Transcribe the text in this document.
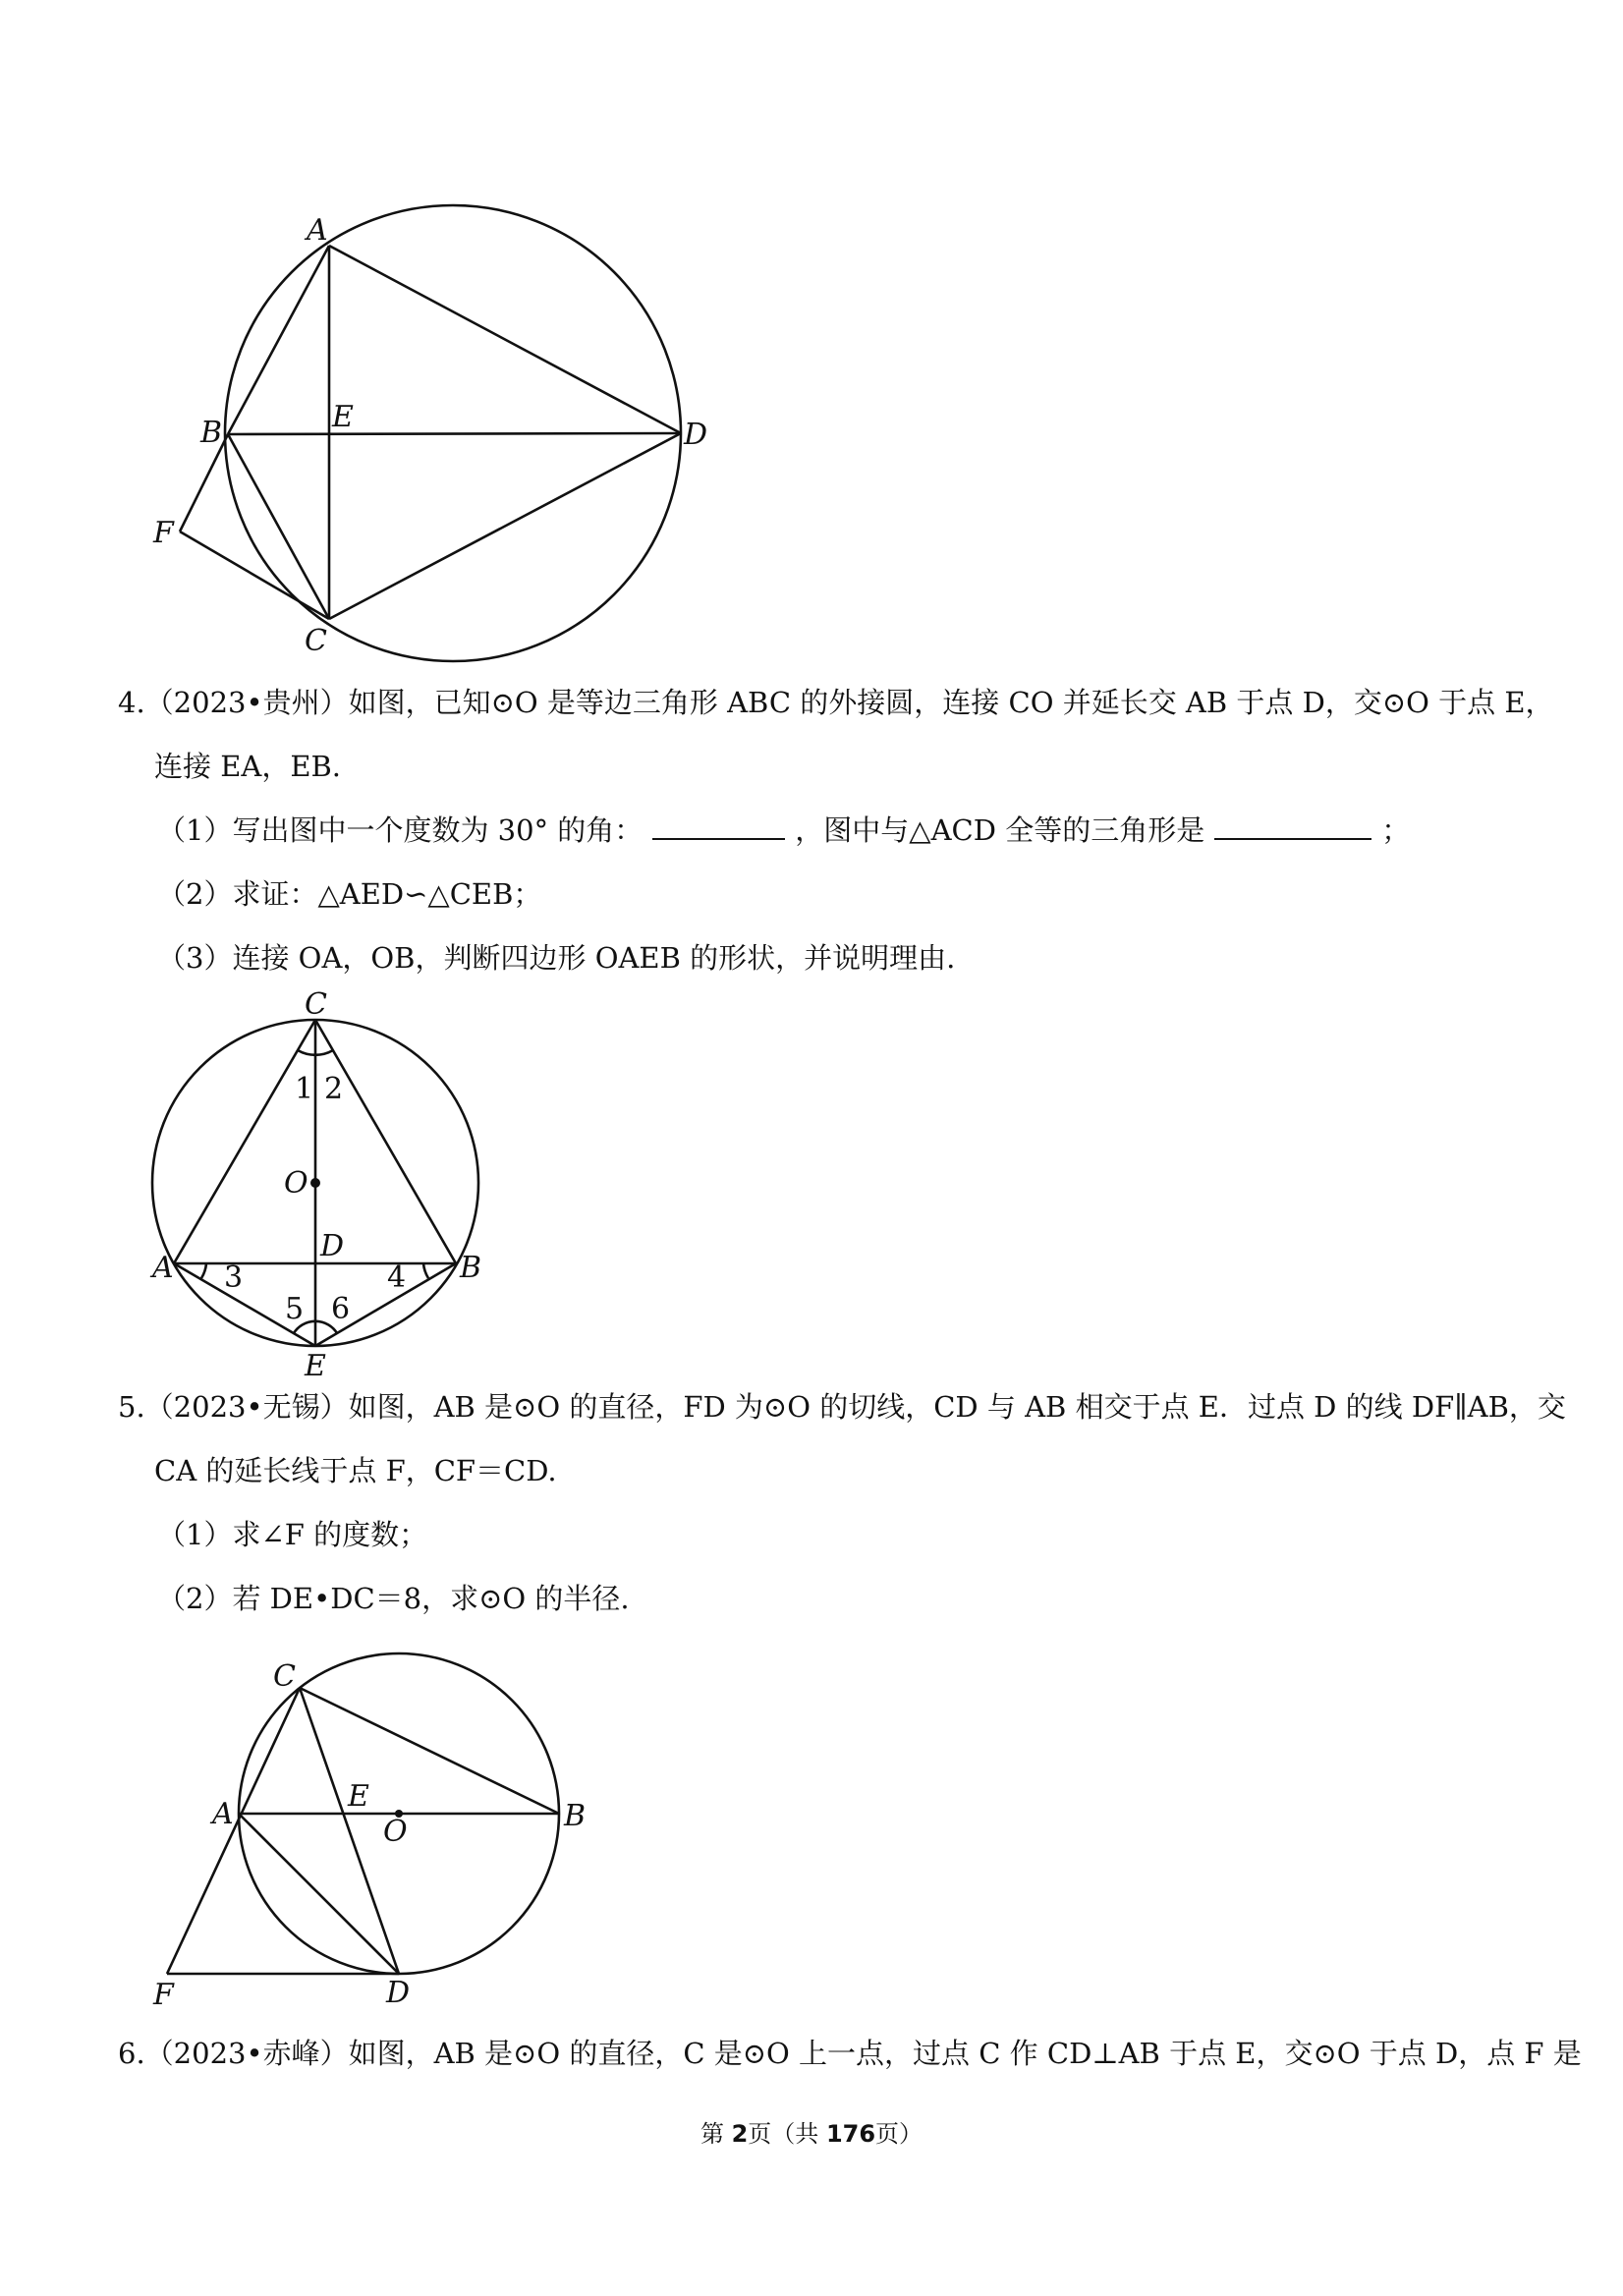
A
B	E
D
F
C
4.（2023•贵州）如图，已知⊙O 是等边三角形 ABC 的外接圆，连接 CO 并延长交 AB 于点 D，交⊙O 于点 E，
连接 EA，EB.
（1）写出图中一个度数为 30° 的角：	，图中与△ACD 全等的三角形是	；
（2）求证：△AED∽△CEB；
（3）连接 OA，OB，判断四边形 OAEB 的形状，并说明理由.
C
1 2
O
D
A 3	4 B
5 6
E
5.（2023•无锡）如图，AB 是⊙O 的直径，FD 为⊙O 的切线，CD 与 AB 相交于点 E．过点 D 的线 DF∥AB，交
CA 的延长线于点 F，CF＝CD.
（1）求∠F 的度数；
（2）若 DE•DC＝8，求⊙O 的半径.
C
A
E
O	B
F	D
6.（2023•赤峰）如图，AB 是⊙O 的直径，C 是⊙O 上一点，过点 C 作 CD⊥AB 于点 E，交⊙O 于点 D，点 F 是
第 2页（共 176页）
